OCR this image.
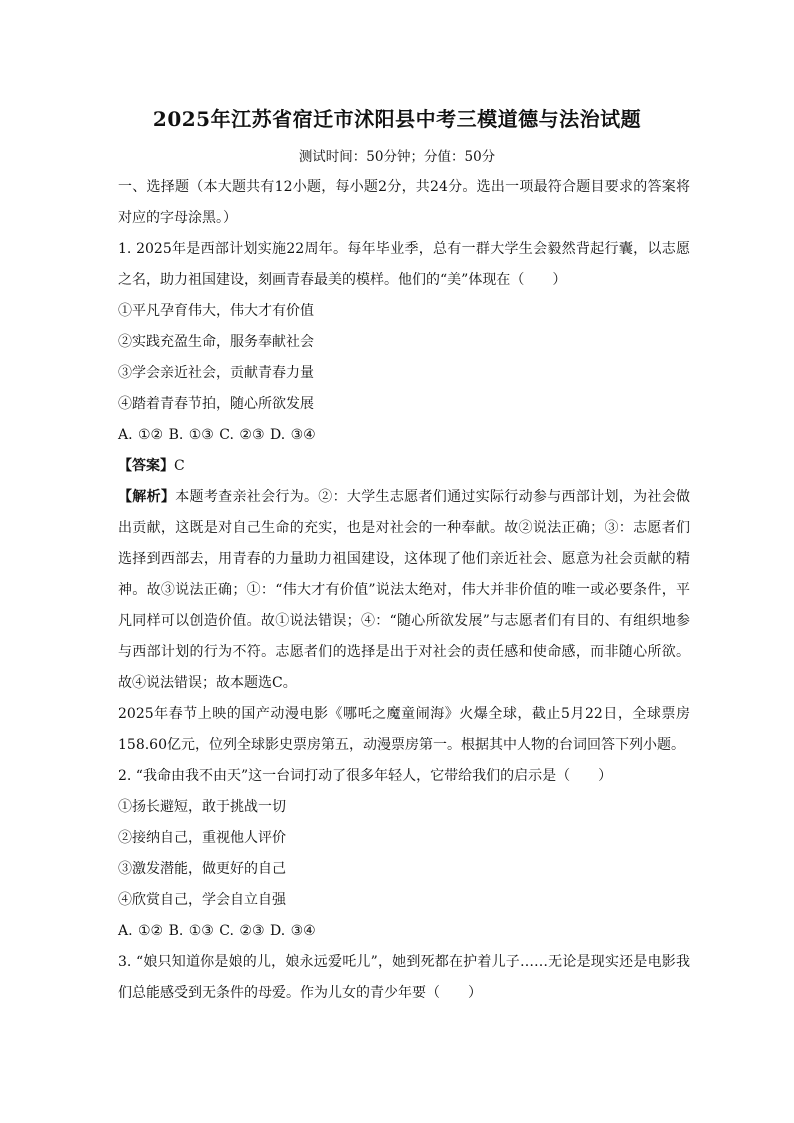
2025年江苏省宿迁市沭阳县中考三模道德与法治试题
测试时间：50分钟；分值：50分

一、选择题（本大题共有12小题，每小题2分，共24分。选出一项最符合题目要求的答案将对应的字母涂黑。）

1. 2025年是西部计划实施22周年。每年毕业季，总有一群大学生会毅然背起行囊，以志愿之名，助力祖国建设，刻画青春最美的模样。他们的“美”体现在（　　）

①平凡孕育伟大，伟大才有价值

②实践充盈生命，服务奉献社会

③学会亲近社会，贡献青春力量

④踏着青春节拍，随心所欲发展

A. ①② B. ①③ C. ②③ D. ③④

【答案】C

【解析】本题考查亲社会行为。②：大学生志愿者们通过实际行动参与西部计划，为社会做出贡献，这既是对自己生命的充实，也是对社会的一种奉献。故②说法正确；③：志愿者们选择到西部去，用青春的力量助力祖国建设，这体现了他们亲近社会、愿意为社会贡献的精神。故③说法正确；①：“伟大才有价值”说法太绝对，伟大并非价值的唯一或必要条件，平凡同样可以创造价值。故①说法错误；④：“随心所欲发展”与志愿者们有目的、有组织地参与西部计划的行为不符。志愿者们的选择是出于对社会的责任感和使命感，而非随心所欲。故④说法错误；故本题选C。

2025年春节上映的国产动漫电影《哪吒之魔童闹海》火爆全球，截止5月22日，全球票房158.60亿元，位列全球影史票房第五，动漫票房第一。根据其中人物的台词回答下列小题。

2. “我命由我不由天”这一台词打动了很多年轻人，它带给我们的启示是（　　）

①扬长避短，敢于挑战一切

②接纳自己，重视他人评价

③激发潜能，做更好的自己

④欣赏自己，学会自立自强

A. ①② B. ①③ C. ②③ D. ③④

3. “娘只知道你是娘的儿，娘永远爱吒儿”，她到死都在护着儿子……无论是现实还是电影我们总能感受到无条件的母爱。作为儿女的青少年要（　　）
